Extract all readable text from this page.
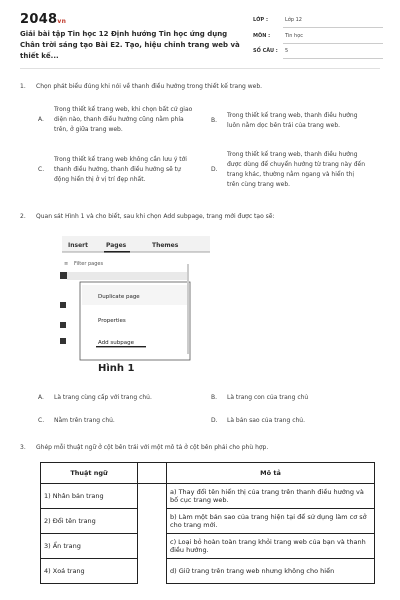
2048vn
Giải bài tập Tin học 12 Định hướng Tin học ứng dụng Chân trời sáng tạo Bài E2. Tạo, hiệu chỉnh trang web và thiết kế...
LỚP :	Lớp 12
MÔN :	Tin học
SỐ CÂU : 5
1. Chọn phát biểu đúng khi nói về thanh điều hướng trong thiết kế trang web.
A.
Trong thiết kế trang web, khi chọn bất cứ giao diện nào, thanh điều hướng cũng nằm phía trên, ở giữa trang web.
B.
Trong thiết kế trang web, thanh điều hướng luôn nằm dọc bên trái của trang web.
C.
Trong thiết kế trang web không cần lưu ý tới thanh điều hướng, thanh điều hướng sẽ tự động hiển thị ở vị trí đẹp nhất.
D.
Trong thiết kế trang web, thanh điều hướng được dùng để chuyển hướng từ trang này đến trang khác, thường nằm ngang và hiển thị trên cùng trang web.
2. Quan sát Hình 1 và cho biết, sau khi chọn Add subpage, trang mới được tạo sẽ:
Insert	Pages	Themes
≡ Filter pages
Duplicate page
Properties
Add subpage
Hình 1
A. Là trang cùng cấp với trang chủ.	B. Là trang con của trang chủ
C. Nằm trên trang chủ.	D. Là bản sao của trang chủ.
3. Ghép mỗi thuật ngữ ở cột bên trái với một mô tả ở cột bên phải cho phù hợp.
Thuật ngữ		Mô tả
1) Nhân bản trang		a) Thay đổi tên hiển thị của trang trên thanh điều hướng và bố cục trang web.
2) Đổi tên trang		b) Làm một bản sao của trang hiện tại để sử dụng làm cơ sở cho trang mới.
3) Ẩn trang		c) Loại bỏ hoàn toàn trang khỏi trang web của bạn và thanh điều hướng.
4) Xoá trang		d) Giữ trang trên trang web nhưng không cho hiển
